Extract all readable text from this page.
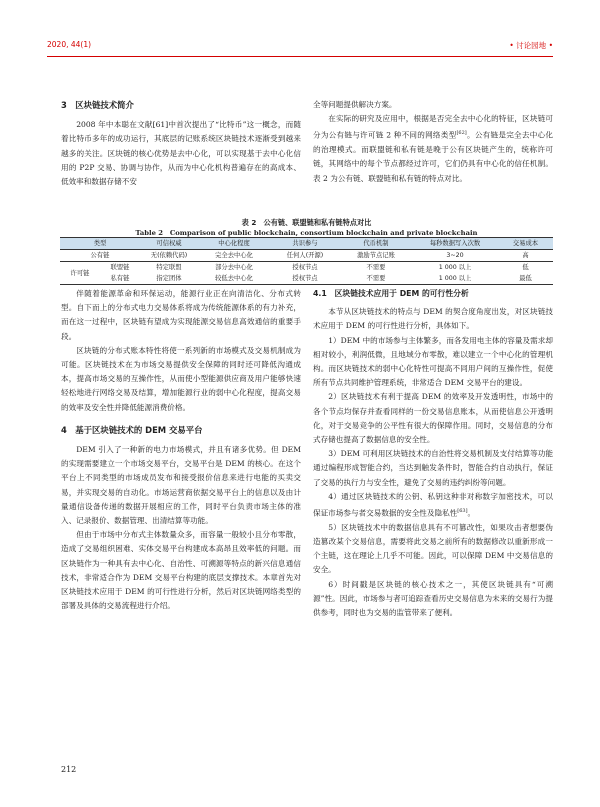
2020, 44(1)	• 讨论园地 •

3　区块链技术简介

2008 年中本聪在文献[61]中首次提出了“比特币”这一概念，而随着比特币多年的成功运行，其底层的记账系统区块链技术逐渐受到越来越多的关注。区块链的核心优势是去中心化，可以实现基于去中心化信用的 P2P 交易、协调与协作，从而为中心化机构普遍存在的高成本、低效率和数据存储不安

全等问题提供解决方案。

在实际的研究及应用中，根据是否完全去中心化的特征，区块链可分为公有链与许可链 2 种不同的网络类型[62]。公有链是完全去中心化的治理模式。而联盟链和私有链是晚于公有区块链产生的，统称许可链，其网络中的每个节点都经过许可，它们仍具有中心化的信任机制。表 2 为公有链、联盟链和私有链的特点对比。

表 2　公有链、联盟链和私有链特点对比
Table 2　Comparison of public blockchain, consortium blockchain and private blockchain
类型		可信权威	中心化程度	共识参与	代币机制	每秒数据写入次数	交易成本
公有链		无(依赖代码)	完全去中心化	任何人(开源)	激励节点记账	3~20	高
许可链	联盟链	特定联盟	部分去中心化	授权节点	不需要	1 000 以上	低
	私有链	指定团体	较低去中心化	授权节点	不需要	1 000 以上	最低

伴随着能源革命和环保运动，能源行业正在向清洁化、分布式转型。自下而上的分布式电力交易体系将成为传统能源体系的有力补充，而在这一过程中，区块链有望成为实现能源交易信息高效通信的重要手段。

区块链的分布式账本特性将使一系列新的市场模式及交易机制成为可能。区块链技术在为市场交易提供安全保障的同时还可降低沟通成本，提高市场交易的互操作性，从而使小型能源供应商及用户能够快速轻松地进行网络交易及结算，增加能源行业的弱中心化程度，提高交易的效率及安全性并降低能源消费价格。

4　基于区块链技术的 DEM 交易平台

DEM 引入了一种新的电力市场模式，并且有诸多优势。但 DEM 的实现需要建立一个市场交易平台，交易平台是 DEM 的核心。在这个平台上不同类型的市场成员发布和接受报价信息来进行电能的买卖交易，并实现交易的自动化。市场运营商依据交易平台上的信息以及由计量通信设备传递的数据开展相应的工作，同时平台负责市场主体的准入、记录报价、数据管理、出清结算等功能。

但由于市场中分布式主体数量众多，而容量一般较小且分布零散，造成了交易组织困难、实体交易平台构建成本高昂且效率低的问题。而区块链作为一种具有去中心化、自治性、可溯源等特点的新兴信息通信技术，非常适合作为 DEM 交易平台构建的底层支撑技术。本章首先对区块链技术应用于 DEM 的可行性进行分析，然后对区块链网络类型的部署及具体的交易流程进行介绍。

4.1　区块链技术应用于 DEM 的可行性分析

本节从区块链技术的特点与 DEM 的契合度角度出发，对区块链技术应用于 DEM 的可行性进行分析，具体如下。

1）DEM 中的市场参与主体繁多，而各发用电主体的容量及需求却相对较小，利润低微，且地域分布零散，难以建立一个中心化的管理机构。而区块链技术的弱中心化特性可提高不同用户间的互操作性，促使所有节点共同维护管理系统，非常适合 DEM 交易平台的建设。

2）区块链技术有利于提高 DEM 的效率及开发透明性，市场中的各个节点均保存并查看同样的一份交易信息账本，从而使信息公开透明化，对于交易竞争的公平性有很大的保障作用。同时，交易信息的分布式存储也提高了数据信息的安全性。

3）DEM 可利用区块链技术的自治性将交易机制及支付结算等功能通过编程形成智能合约，当达到触发条件时，智能合约自动执行，保证了交易的执行力与安全性，避免了交易的违约纠纷等问题。

4）通过区块链技术的公钥、私钥这种非对称数字加密技术，可以保证市场参与者交易数据的安全性及隐私性[63]。

5）区块链技术中的数据信息具有不可篡改性，如果攻击者想要伪造篡改某个交易信息，需要将此交易之前所有的数据修改以重新形成一个主链，这在理论上几乎不可能。因此，可以保障 DEM 中交易信息的安全。

6）时间戳是区块链的核心技术之一，其使区块链具有“可溯源”性。因此，市场参与者可追踪查看历史交易信息为未来的交易行为提供参考，同时也为交易的监管带来了便利。

212
